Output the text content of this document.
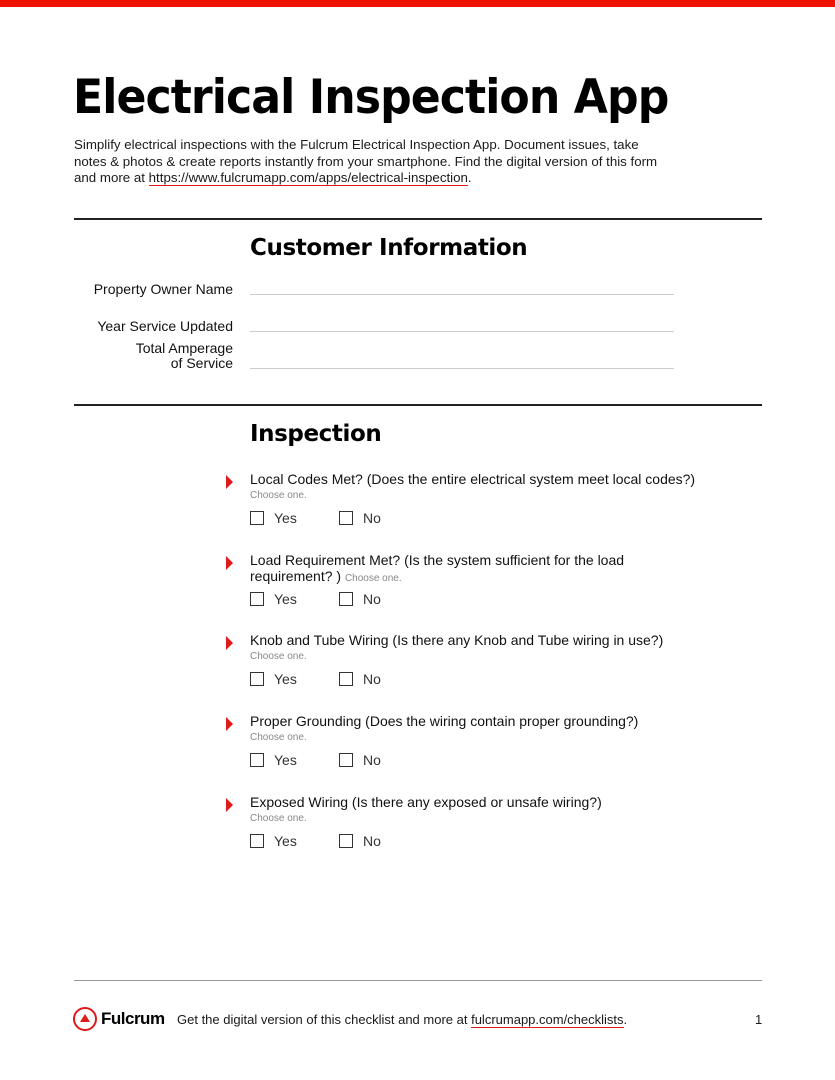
Electrical Inspection App

Simplify electrical inspections with the Fulcrum Electrical Inspection App. Document issues, take notes & photos & create reports instantly from your smartphone. Find the digital version of this form and more at https://www.fulcrumapp.com/apps/electrical-inspection.

Customer Information
Property Owner Name
Year Service Updated
Total Amperage
of Service
Inspection
Local Codes Met? (Does the entire electrical system meet local codes?)
Choose one.
Yes	No
Load Requirement Met? (Is the system sufficient for the load requirement? ) Choose one.
Yes	No
Knob and Tube Wiring (Is there any Knob and Tube wiring in use?)
Choose one.
Yes	No
Proper Grounding (Does the wiring contain proper grounding?)
Choose one.
Yes	No
Exposed Wiring (Is there any exposed or unsafe wiring?)
Choose one.
Yes	No
Fulcrum Get the digital version of this checklist and more at fulcrumapp.com/checklists.	1
